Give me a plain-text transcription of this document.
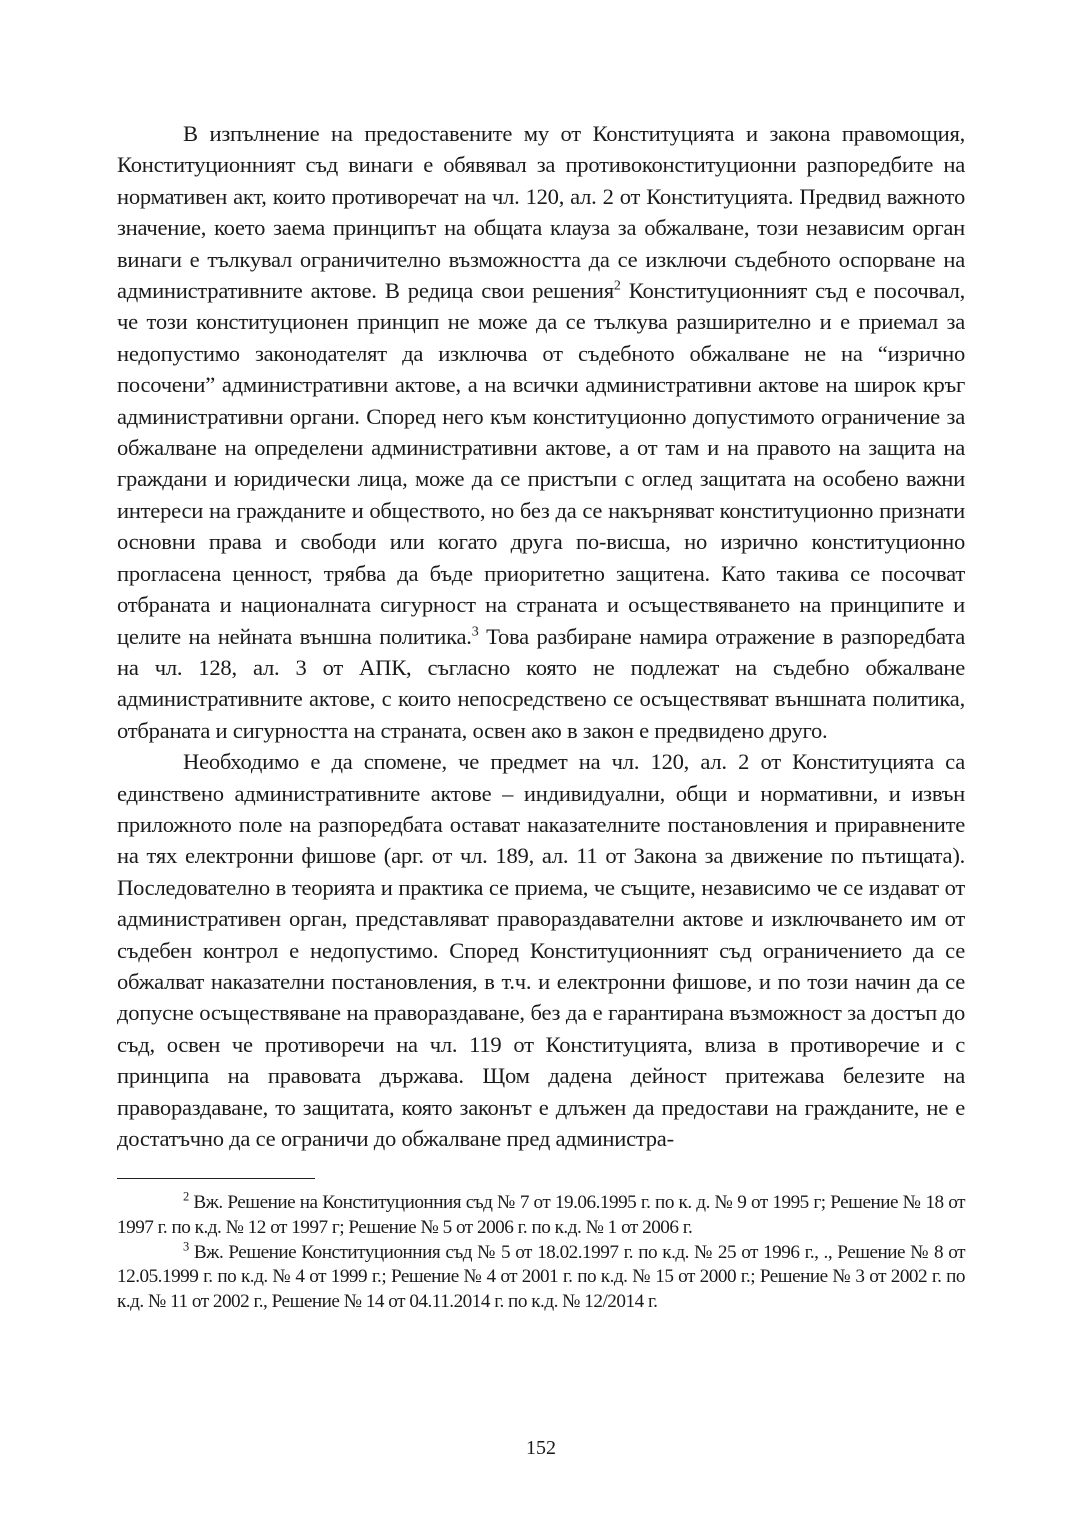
В изпълнение на предоставените му от Конституцията и закона правомощия, Конституционният съд винаги е обявявал за противоконституционни разпоредбите на нормативен акт, които противоречат на чл. 120, ал. 2 от Конституцията. Предвид важното значение, което заема принципът на общата клауза за обжалване, този независим орган винаги е тълкувал ограничително възможността да се изключи съдебното оспорване на административните актове. В редица свои решения$^2$ Конституционният съд е посочвал, че този конституционен принцип не може да се тълкува разширително и е приемал за недопустимо законодателят да изключва от съдебното обжалване не на “изрично посочени” административни актове, а на всички административни актове на широк кръг административни органи. Според него към конституционно допустимото ограничение за обжалване на определени административни актове, а от там и на правото на защита на граждани и юридически лица, може да се пристъпи с оглед защитата на особено важни интереси на гражданите и обществото, но без да се накърняват конституционно признати основни права и свободи или когато друга по-висша, но изрично конституционно прогласена ценност, трябва да бъде приоритетно защитена. Като такива се посочват отбраната и националната сигурност на страната и осъществяването на принципите и целите на нейната външна политика.$^3$ Това разбиране намира отражение в разпоредбата на чл. 128, ал. 3 от АПК, съгласно която не подлежат на съдебно обжалване административните актове, с които непосредствено се осъществяват външната политика, отбраната и сигурността на страната, освен ако в закон е предвидено друго.

Необходимо е да спомене, че предмет на чл. 120, ал. 2 от Конституцията са единствено административните актове – индивидуални, общи и нормативни, и извън приложното поле на разпоредбата остават наказателните постановления и приравнените на тях електронни фишове (арг. от чл. 189, ал. 11 от Закона за движение по пътищата). Последователно в теорията и практика се приема, че същите, независимо че се издават от административен орган, представляват правораздавателни актове и изключването им от съдебен контрол е недопустимо. Според Конституционният съд ограничението да се обжалват наказателни постановления, в т.ч. и електронни фишове, и по този начин да се допусне осъществяване на правораздаване, без да е гарантирана възможност за достъп до съд, освен че противоречи на чл. 119 от Конституцията, влиза в противоречие и с принципа на правовата държава. Щом дадена дейност притежава белезите на правораздаване, то защитата, която законът е длъжен да предостави на гражданите, не е достатъчно да се ограничи до обжалване пред администра-

$^2$ Вж. Решение на Конституционния съд № 7 от 19.06.1995 г. по к. д. № 9 от 1995 г; Решение № 18 от 1997 г. по к.д. № 12 от 1997 г; Решение № 5 от 2006 г. по к.д. № 1 от 2006 г.

$^3$ Вж. Решение Конституционния съд № 5 от 18.02.1997 г. по к.д. № 25 от 1996 г., ., Решение № 8 от 12.05.1999 г. по к.д. № 4 от 1999 г.; Решение № 4 от 2001 г. по к.д. № 15 от 2000 г.; Решение № 3 от 2002 г. по к.д. № 11 от 2002 г., Решение № 14 от 04.11.2014 г. по к.д. № 12/2014 г.

152
